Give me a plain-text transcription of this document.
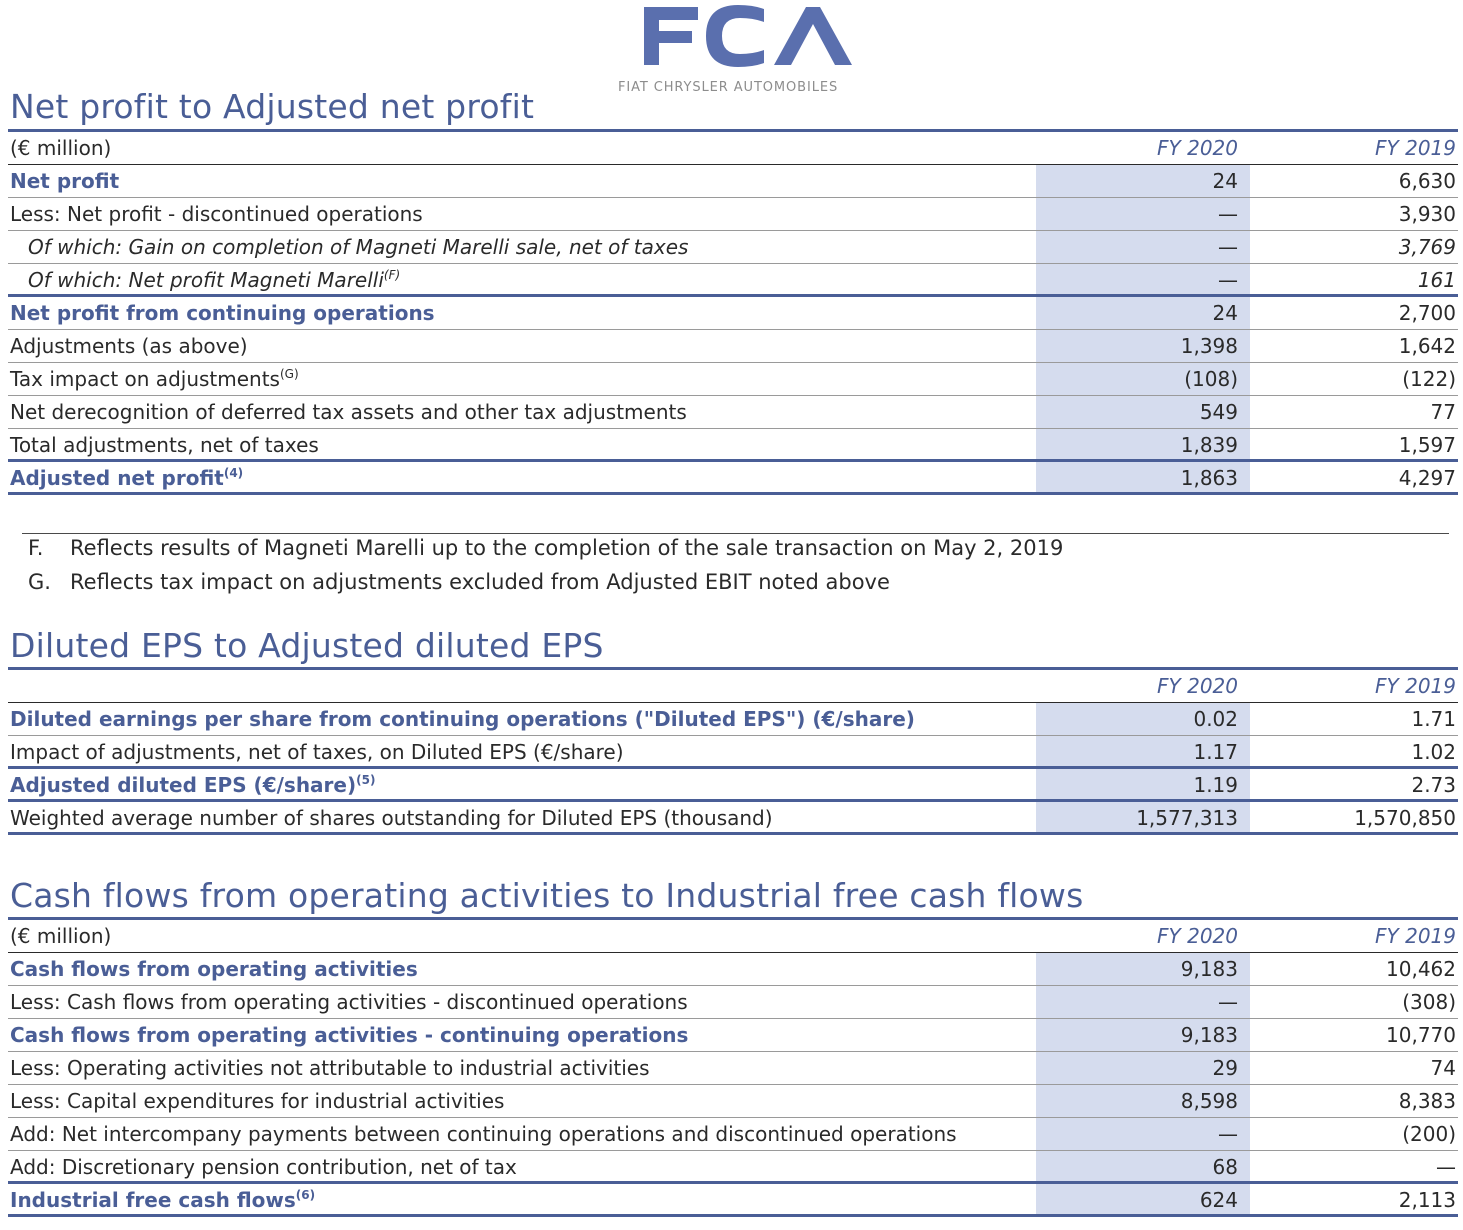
FIAT CHRYSLER AUTOMOBILES
Net profit to Adjusted net profit
(€ million)	FY 2020	FY 2019
Net profit	24	6,630
Less: Net profit - discontinued operations	—	3,930
Of which: Gain on completion of Magneti Marelli sale, net of taxes	—	3,769
Of which: Net profit Magneti Marelli$^{(F)}$	—	161
Net profit from continuing operations	24	2,700
Adjustments (as above)	1,398	1,642
Tax impact on adjustments$^{(G)}$	(108)	(122)
Net derecognition of deferred tax assets and other tax adjustments	549	77
Total adjustments, net of taxes	1,839	1,597
Adjusted net profit$^{(4)}$	1,863	4,297
F. Reflects results of Magneti Marelli up to the completion of the sale transaction on May 2, 2019
G. Reflects tax impact on adjustments excluded from Adjusted EBIT noted above
Diluted EPS to Adjusted diluted EPS
FY 2020	FY 2019
Diluted earnings per share from continuing operations ("Diluted EPS") (€/share)	0.02	1.71
Impact of adjustments, net of taxes, on Diluted EPS (€/share)	1.17	1.02
Adjusted diluted EPS (€/share)$^{(5)}$	1.19	2.73
Weighted average number of shares outstanding for Diluted EPS (thousand)	1,577,313	1,570,850
Cash flows from operating activities to Industrial free cash flows
(€ million)	FY 2020	FY 2019
Cash flows from operating activities	9,183	10,462
Less: Cash flows from operating activities - discontinued operations	—	(308)
Cash flows from operating activities - continuing operations	9,183	10,770
Less: Operating activities not attributable to industrial activities	29	74
Less: Capital expenditures for industrial activities	8,598	8,383
Add: Net intercompany payments between continuing operations and discontinued operations	—	(200)
Add: Discretionary pension contribution, net of tax	68	—
Industrial free cash flows$^{(6)}$	624	2,113
